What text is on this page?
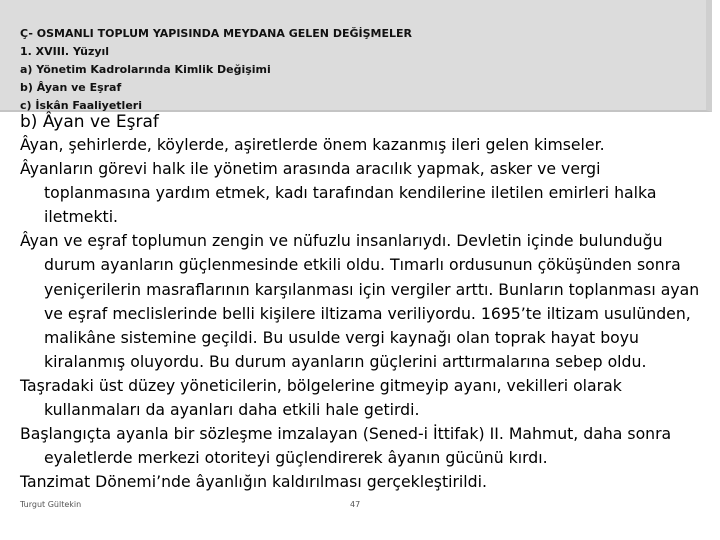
Ç- OSMANLI TOPLUM YAPISINDA MEYDANA GELEN DEĞİŞMELER
1. XVIII. Yüzyıl
a) Yönetim Kadrolarında Kimlik Değişimi
b) Âyan ve Eşraf
c) İskân Faaliyetleri
b) Âyan ve Eşraf
Âyan, şehirlerde, köylerde, aşiretlerde önem kazanmış ileri gelen kimseler.
Âyanların görevi halk ile yönetim arasında aracılık yapmak, asker ve vergi toplanmasına yardım etmek, kadı tarafından kendilerine iletilen emirleri halka iletmekti.
Âyan ve eşraf toplumun zengin ve nüfuzlu insanlarıydı. Devletin içinde bulunduğu durum ayanların güçlenmesinde etkili oldu. Tımarlı ordusunun çöküşünden sonra yeniçerilerin masraflarının karşılanması için vergiler arttı. Bunların toplanması ayan ve eşraf meclislerinde belli kişilere iltizama veriliyordu. 1695’te iltizam usulünden, malikâne sistemine geçildi. Bu usulde vergi kaynağı olan toprak hayat boyu kiralanmış oluyordu. Bu durum ayanların güçlerini arttırmalarına sebep oldu.
Taşradaki üst düzey yöneticilerin, bölgelerine gitmeyip ayanı, vekilleri olarak kullanmaları da ayanları daha etkili hale getirdi.
Başlangıçta ayanla bir sözleşme imzalayan (Sened-i İttifak) II. Mahmut, daha sonra eyaletlerde merkezi otoriteyi güçlendirerek âyanın gücünü kırdı.
Tanzimat Dönemi’nde âyanlığın kaldırılması gerçekleştirildi.
Turgut Gültekin	47
